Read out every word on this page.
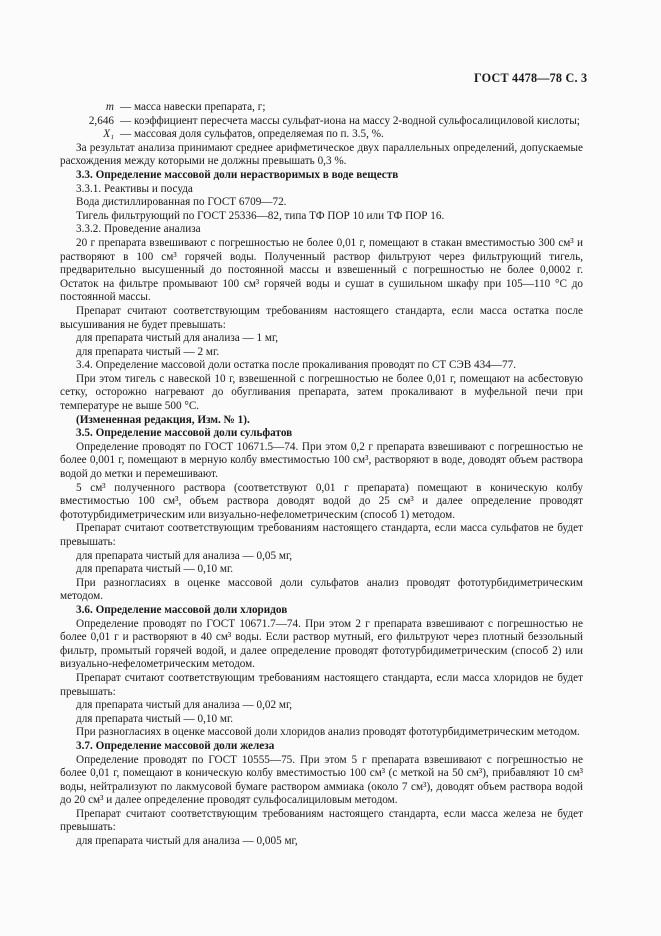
ГОСТ 4478—78 С. 3
m — масса навески препарата, г;
2,646 — коэффициент пересчета массы сульфат-иона на массу 2-водной сульфосалициловой кислоты;
X₁ — массовая доля сульфатов, определяемая по п. 3.5, %.
За результат анализа принимают среднее арифметическое двух параллельных определений, допускаемые расхождения между которыми не должны превышать 0,3 %.
3.3. Определение массовой доли нерастворимых в воде веществ
3.3.1. Реактивы и посуда
Вода дистиллированная по ГОСТ 6709—72.
Тигель фильтрующий по ГОСТ 25336—82, типа ТФ ПОР 10 или ТФ ПОР 16.
3.3.2. Проведение анализа
20 г препарата взвешивают с погрешностью не более 0,01 г, помещают в стакан вместимостью 300 см³ и растворяют в 100 см³ горячей воды. Полученный раствор фильтруют через фильтрующий тигель, предварительно высушенный до постоянной массы и взвешенный с погрешностью не более 0,0002 г. Остаток на фильтре промывают 100 см³ горячей воды и сушат в сушильном шкафу при 105—110 °С до постоянной массы.
Препарат считают соответствующим требованиям настоящего стандарта, если масса остатка после высушивания не будет превышать:
для препарата чистый для анализа — 1 мг,
для препарата чистый — 2 мг.
3.4. Определение массовой доли остатка после прокаливания проводят по СТ СЭВ 434—77.
При этом тигель с навеской 10 г, взвешенной с погрешностью не более 0,01 г, помещают на асбестовую сетку, осторожно нагревают до обугливания препарата, затем прокаливают в муфельной печи при температуре не выше 500 °С.
(Измененная редакция, Изм. № 1).
3.5. Определение массовой доли сульфатов
Определение проводят по ГОСТ 10671.5—74. При этом 0,2 г препарата взвешивают с погрешностью не более 0,001 г, помещают в мерную колбу вместимостью 100 см³, растворяют в воде, доводят объем раствора водой до метки и перемешивают.
5 см³ полученного раствора (соответствуют 0,01 г препарата) помещают в коническую колбу вместимостью 100 см³, объем раствора доводят водой до 25 см³ и далее определение проводят фототурбидиметрическим или визуально-нефелометрическим (способ 1) методом.
Препарат считают соответствующим требованиям настоящего стандарта, если масса сульфатов не будет превышать:
для препарата чистый для анализа — 0,05 мг,
для препарата чистый — 0,10 мг.
При разногласиях в оценке массовой доли сульфатов анализ проводят фототурбидиметрическим методом.
3.6. Определение массовой доли хлоридов
Определение проводят по ГОСТ 10671.7—74. При этом 2 г препарата взвешивают с погрешностью не более 0,01 г и растворяют в 40 см³ воды. Если раствор мутный, его фильтруют через плотный беззольный фильтр, промытый горячей водой, и далее определение проводят фототурбидиметрическим (способ 2) или визуально-нефелометрическим методом.
Препарат считают соответствующим требованиям настоящего стандарта, если масса хлоридов не будет превышать:
для препарата чистый для анализа — 0,02 мг,
для препарата чистый — 0,10 мг.
При разногласиях в оценке массовой доли хлоридов анализ проводят фототурбидиметрическим методом.
3.7. Определение массовой доли железа
Определение проводят по ГОСТ 10555—75. При этом 5 г препарата взвешивают с погрешностью не более 0,01 г, помещают в коническую колбу вместимостью 100 см³ (с меткой на 50 см³), прибавляют 10 см³ воды, нейтрализуют по лакмусовой бумаге раствором аммиака (около 7 см³), доводят объем раствора водой до 20 см³ и далее определение проводят сульфосалициловым методом.
Препарат считают соответствующим требованиям настоящего стандарта, если масса железа не будет превышать:
для препарата чистый для анализа — 0,005 мг,
